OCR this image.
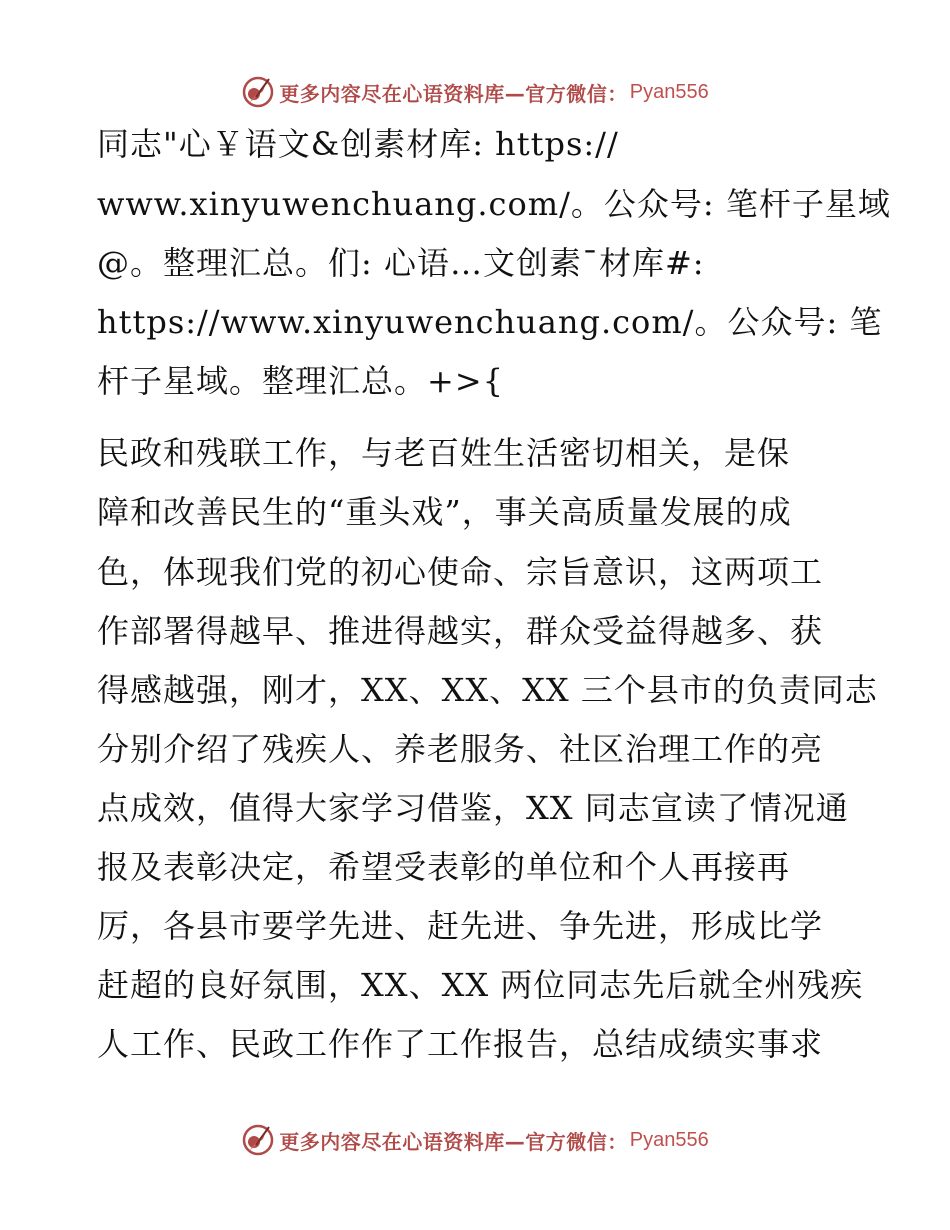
更多内容尽在心语资料库—官方微信： Pyan556
同志"心￥语文&创素材库: https://
www.xinyuwenchuang.com/。公众号: 笔杆子星域
@。整理汇总。们: 心语…文创素¯材库#:
https://www.xinyuwenchuang.com/。公众号: 笔
杆子星域。整理汇总。+>{
民政和残联工作，与老百姓生活密切相关，是保
障和改善民生的“重头戏”，事关高质量发展的成
色，体现我们党的初心使命、宗旨意识，这两项工
作部署得越早、推进得越实，群众受益得越多、获
得感越强，刚才，XX、XX、XX 三个县市的负责同志
分别介绍了残疾人、养老服务、社区治理工作的亮
点成效，值得大家学习借鉴，XX 同志宣读了情况通
报及表彰决定，希望受表彰的单位和个人再接再
厉，各县市要学先进、赶先进、争先进，形成比学
赶超的良好氛围，XX、XX 两位同志先后就全州残疾
人工作、民政工作作了工作报告，总结成绩实事求
更多内容尽在心语资料库—官方微信： Pyan556
